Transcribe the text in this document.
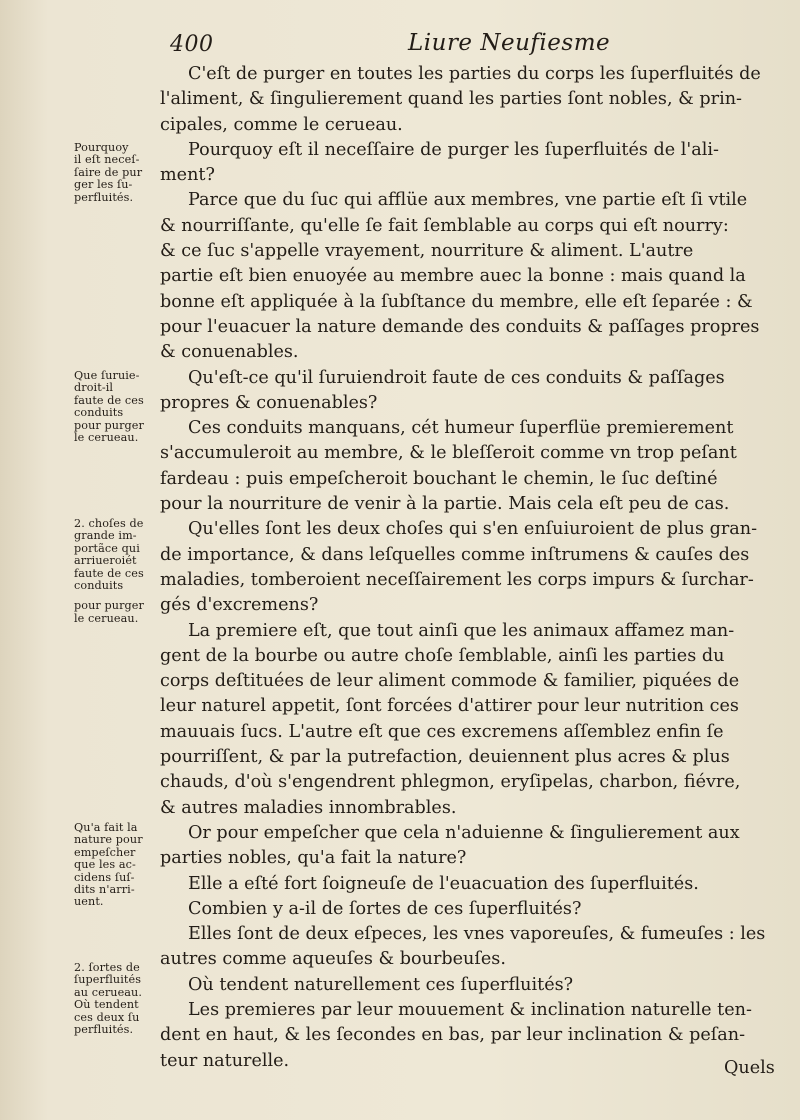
400	Liure Neufiesme
C'eſt de purger en toutes les parties du corps les ſuperfluités de
l'aliment, & ſingulierement quand les parties ſont nobles, & prin-
cipales, comme le cerueau.
Pourquoy eſt il neceſſaire de purger les ſuperfluités de l'ali-
ment?
Parce que du ſuc qui afflüe aux membres, vne partie eſt ſi vtile
& nourriſſante, qu'elle ſe fait ſemblable au corps qui eſt nourry:
& ce ſuc s'appelle vrayement, nourriture & aliment. L'autre
partie eſt bien enuoyée au membre auec la bonne : mais quand la
bonne eſt appliquée à la ſubſtance du membre, elle eſt ſeparée : &
pour l'euacuer la nature demande des conduits & paſſages propres
& conuenables.
Qu'eſt-ce qu'il ſuruiendroit faute de ces conduits & paſſages
propres & conuenables?
Ces conduits manquans, cét humeur ſuperflüe premierement
s'accumuleroit au membre, & le bleſſeroit comme vn trop peſant
fardeau : puis empeſcheroit bouchant le chemin, le ſuc deſtiné
pour la nourriture de venir à la partie. Mais cela eſt peu de cas.
Qu'elles ſont les deux choſes qui s'en enſuiuroient de plus gran-
de importance, & dans leſquelles comme inſtrumens & cauſes des
maladies, tomberoient neceſſairement les corps impurs & ſurchar-
gés d'excremens?
La premiere eſt, que tout ainſi que les animaux affamez man-
gent de la bourbe ou autre choſe ſemblable, ainſi les parties du
corps deſtituées de leur aliment commode & familier, piquées de
leur naturel appetit, ſont forcées d'attirer pour leur nutrition ces
mauuais ſucs. L'autre eſt que ces excremens aſſemblez enfin ſe
pourriſſent, & par la putrefaction, deuiennent plus acres & plus
chauds, d'où s'engendrent phlegmon, eryſipelas, charbon, fiévre,
& autres maladies innombrables.
Or pour empeſcher que cela n'aduienne & ſingulierement aux
parties nobles, qu'a fait la nature?
Elle a eſté fort ſoigneuſe de l'euacuation des ſuperfluités.
Combien y a-il de ſortes de ces ſuperfluités?
Elles ſont de deux eſpeces, les vnes vaporeuſes, & fumeuſes : les
autres comme aqueuſes & bourbeuſes.
Où tendent naturellement ces ſuperfluités?
Les premieres par leur mouuement & inclination naturelle ten-
dent en haut, & les ſecondes en bas, par leur inclination & peſan-
teur naturelle.
Pourquoy
il eſt neceſ-
ſaire de pur
ger les ſu-
perfluités.
Que ſuruie-
droit-il
faute de ces
conduits
pour purger
le cerueau.
2. choſes de
grande im-
portãce qui
arriueroiét
faute de ces
conduits
pour purger
le cerueau.
Qu'a fait la
nature pour
empeſcher
que les ac-
cidens ſuſ-
dits n'arri-
uent.
2. ſortes de
ſuperfluités
au cerueau.
Où tendent
ces deux ſu
perfluités.
Quels
